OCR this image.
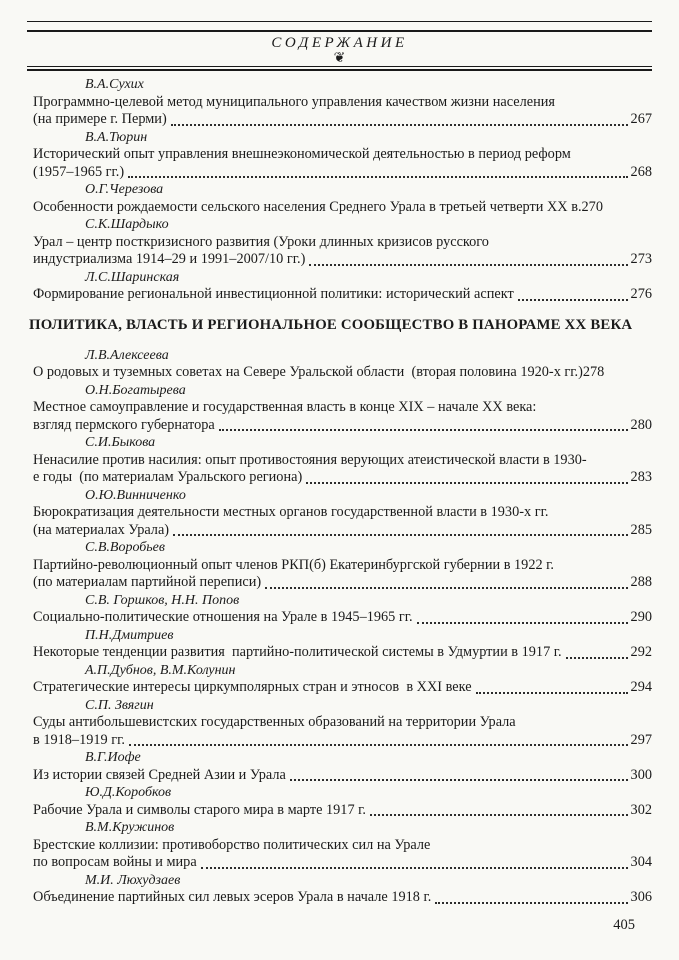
СОДЕРЖАНИЕ
❦
В.А.Сухих
Программно-целевой метод муниципального управления качеством жизни населения
(на примере г. Перми)	267
В.А.Тюрин
Исторический опыт управления внешнеэкономической деятельностью в период реформ
(1957–1965 гг.)	268
О.Г.Черезова
Особенности рождаемости сельского населения Среднего Урала в третьей четверти XX в. 270
С.К.Шардыко
Урал – центр посткризисного развития (Уроки длинных кризисов русского
индустриализма 1914–29 и 1991–2007/10 гг.)	273
Л.С.Шаринская
Формирование региональной инвестиционной политики: исторический аспект	276
ПОЛИТИКА, ВЛАСТЬ И РЕГИОНАЛЬНОЕ СООБЩЕСТВО В ПАНОРАМЕ XX ВЕКА
Л.В.Алексеева
О родовых и туземных советах на Севере Уральской области  (вторая половина 1920-х гг.) 278
О.Н.Богатырева
Местное самоуправление и государственная власть в конце XIX – начале XX века:
взгляд пермского губернатора	280
С.И.Быкова
Ненасилие против насилия: опыт противостояния верующих атеистической власти в 1930-
е годы  (по материалам Уральского региона)	283
О.Ю.Винниченко
Бюрократизация деятельности местных органов государственной власти в 1930-х гг.
(на материалах Урала)	285
С.В.Воробьев
Партийно-революционный опыт членов РКП(б) Екатеринбургской губернии в 1922 г.
(по материалам партийной переписи)	288
С.В. Горшков, Н.Н. Попов
Социально-политические отношения на Урале в 1945–1965 гг.	290
П.Н.Дмитриев
Некоторые тенденции развития  партийно-политической системы в Удмуртии в 1917 г.	292
А.П.Дубнов, В.М.Колунин
Стратегические интересы циркумполярных стран и этносов  в XXI веке	294
С.П. Звягин
Суды антибольшевистских государственных образований на территории Урала
в 1918–1919 гг.	297
В.Г.Иофе
Из истории связей Средней Азии и Урала	300
Ю.Д.Коробков
Рабочие Урала и символы старого мира в марте 1917 г.	302
В.М.Кружинов
Брестские коллизии: противоборство политических сил на Урале
по вопросам войны и мира	304
М.И. Люхудзаев
Объединение партийных сил левых эсеров Урала в начале 1918 г.	306
405
